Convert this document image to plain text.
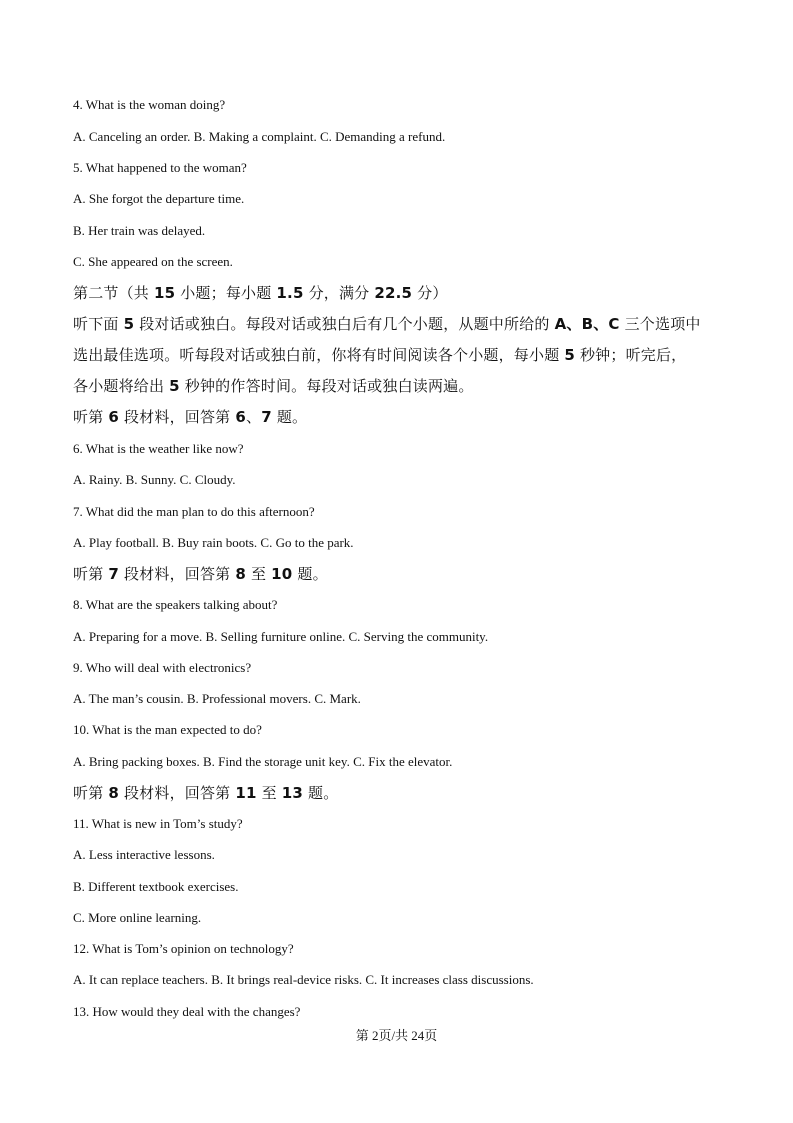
4. What is the woman doing?
A. Canceling an order. B. Making a complaint. C. Demanding a refund.
5. What happened to the woman?
A. She forgot the departure time.
B. Her train was delayed.
C. She appeared on the screen.
第二节（共 15 小题；每小题 1.5 分，满分 22.5 分）
听下面 5 段对话或独白。每段对话或独白后有几个小题，从题中所给的 A、B、C 三个选项中
选出最佳选项。听每段对话或独白前，你将有时间阅读各个小题，每小题 5 秒钟；听完后，
各小题将给出 5 秒钟的作答时间。每段对话或独白读两遍。
听第 6 段材料，回答第 6、7 题。
6. What is the weather like now?
A. Rainy. B. Sunny. C. Cloudy.
7. What did the man plan to do this afternoon?
A. Play football. B. Buy rain boots. C. Go to the park.
听第 7 段材料，回答第 8 至 10 题。
8. What are the speakers talking about?
A. Preparing for a move. B. Selling furniture online. C. Serving the community.
9. Who will deal with electronics?
A. The man’s cousin. B. Professional movers. C. Mark.
10. What is the man expected to do?
A. Bring packing boxes. B. Find the storage unit key. C. Fix the elevator.
听第 8 段材料，回答第 11 至 13 题。
11. What is new in Tom’s study?
A. Less interactive lessons.
B. Different textbook exercises.
C. More online learning.
12. What is Tom’s opinion on technology?
A. It can replace teachers. B. It brings real-device risks. C. It increases class discussions.
13. How would they deal with the changes?
第 2页/共 24页
